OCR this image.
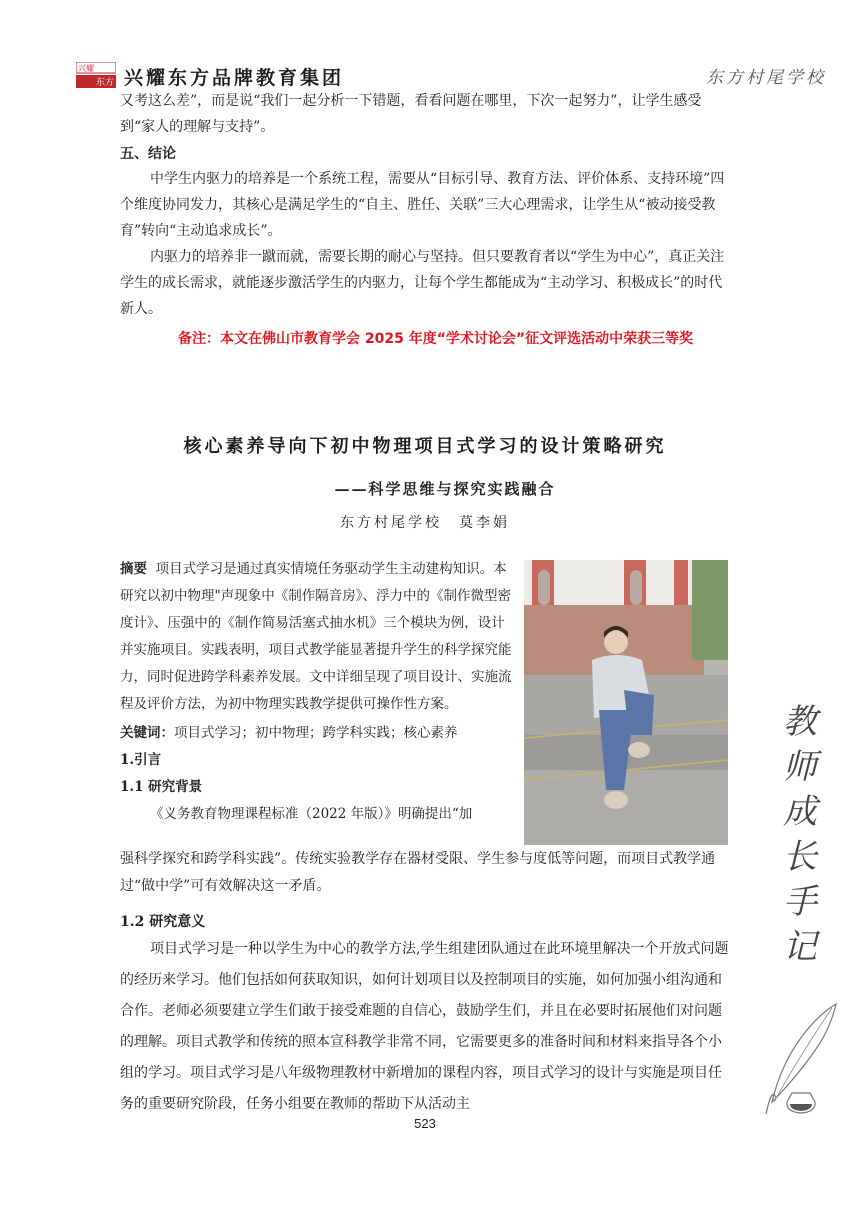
兴耀
东方 兴耀东方品牌教育集团	东方村尾学校

又考这么差”，而是说“我们一起分析一下错题，看看问题在哪里，下次一起努力”，让学生感受到“家人的理解与支持”。

五、结论

中学生内驱力的培养是一个系统工程，需要从“目标引导、教育方法、评价体系、支持环境”四个维度协同发力，其核心是满足学生的“自主、胜任、关联”三大心理需求，让学生从“被动接受教育”转向“主动追求成长”。

内驱力的培养非一蹴而就，需要长期的耐心与坚持。但只要教育者以“学生为中心”，真正关注学生的成长需求，就能逐步激活学生的内驱力，让每个学生都能成为“主动学习、积极成长”的时代新人。

备注：本文在佛山市教育学会 2025 年度“学术讨论会”征文评选活动中荣获三等奖
核心素养导向下初中物理项目式学习的设计策略研究
——科学思维与探究实践融合
东方村尾学校　莫李娟

摘要 项目式学习是通过真实情境任务驱动学生主动建构知识。本研究以初中物理"声现象中《制作隔音房》、浮力中的《制作微型密度计》、压强中的《制作简易活塞式抽水机》三个模块为例，设计并实施项目。实践表明，项目式教学能显著提升学生的科学探究能力，同时促进跨学科素养发展。文中详细呈现了项目设计、实施流程及评价方法，为初中物理实践教学提供可操作性方案。

关键词：项目式学习；初中物理；跨学科实践；核心素养

1.引言

1.1 研究背景

《义务教育物理课程标准（2022 年版）》明确提出“加

强科学探究和跨学科实践”。传统实验教学存在器材受限、学生参与度低等问题，而项目式教学通过“做中学”可有效解决这一矛盾。

1.2 研究意义

项目式学习是一种以学生为中心的教学方法,学生组建团队通过在此环境里解决一个开放式问题的经历来学习。他们包括如何获取知识，如何计划项目以及控制项目的实施，如何加强小组沟通和合作。老师必须要建立学生们敢于接受难题的自信心，鼓励学生们，并且在必要时拓展他们对问题的理解。项目式教学和传统的照本宣科教学非常不同，它需要更多的准备时间和材料来指导各个小组的学习。项目式学习是八年级物理教材中新增加的课程内容，项目式学习的设计与实施是项目任务的重要研究阶段，任务小组要在教师的帮助下从活动主

教
师
成
长
手
记
523
